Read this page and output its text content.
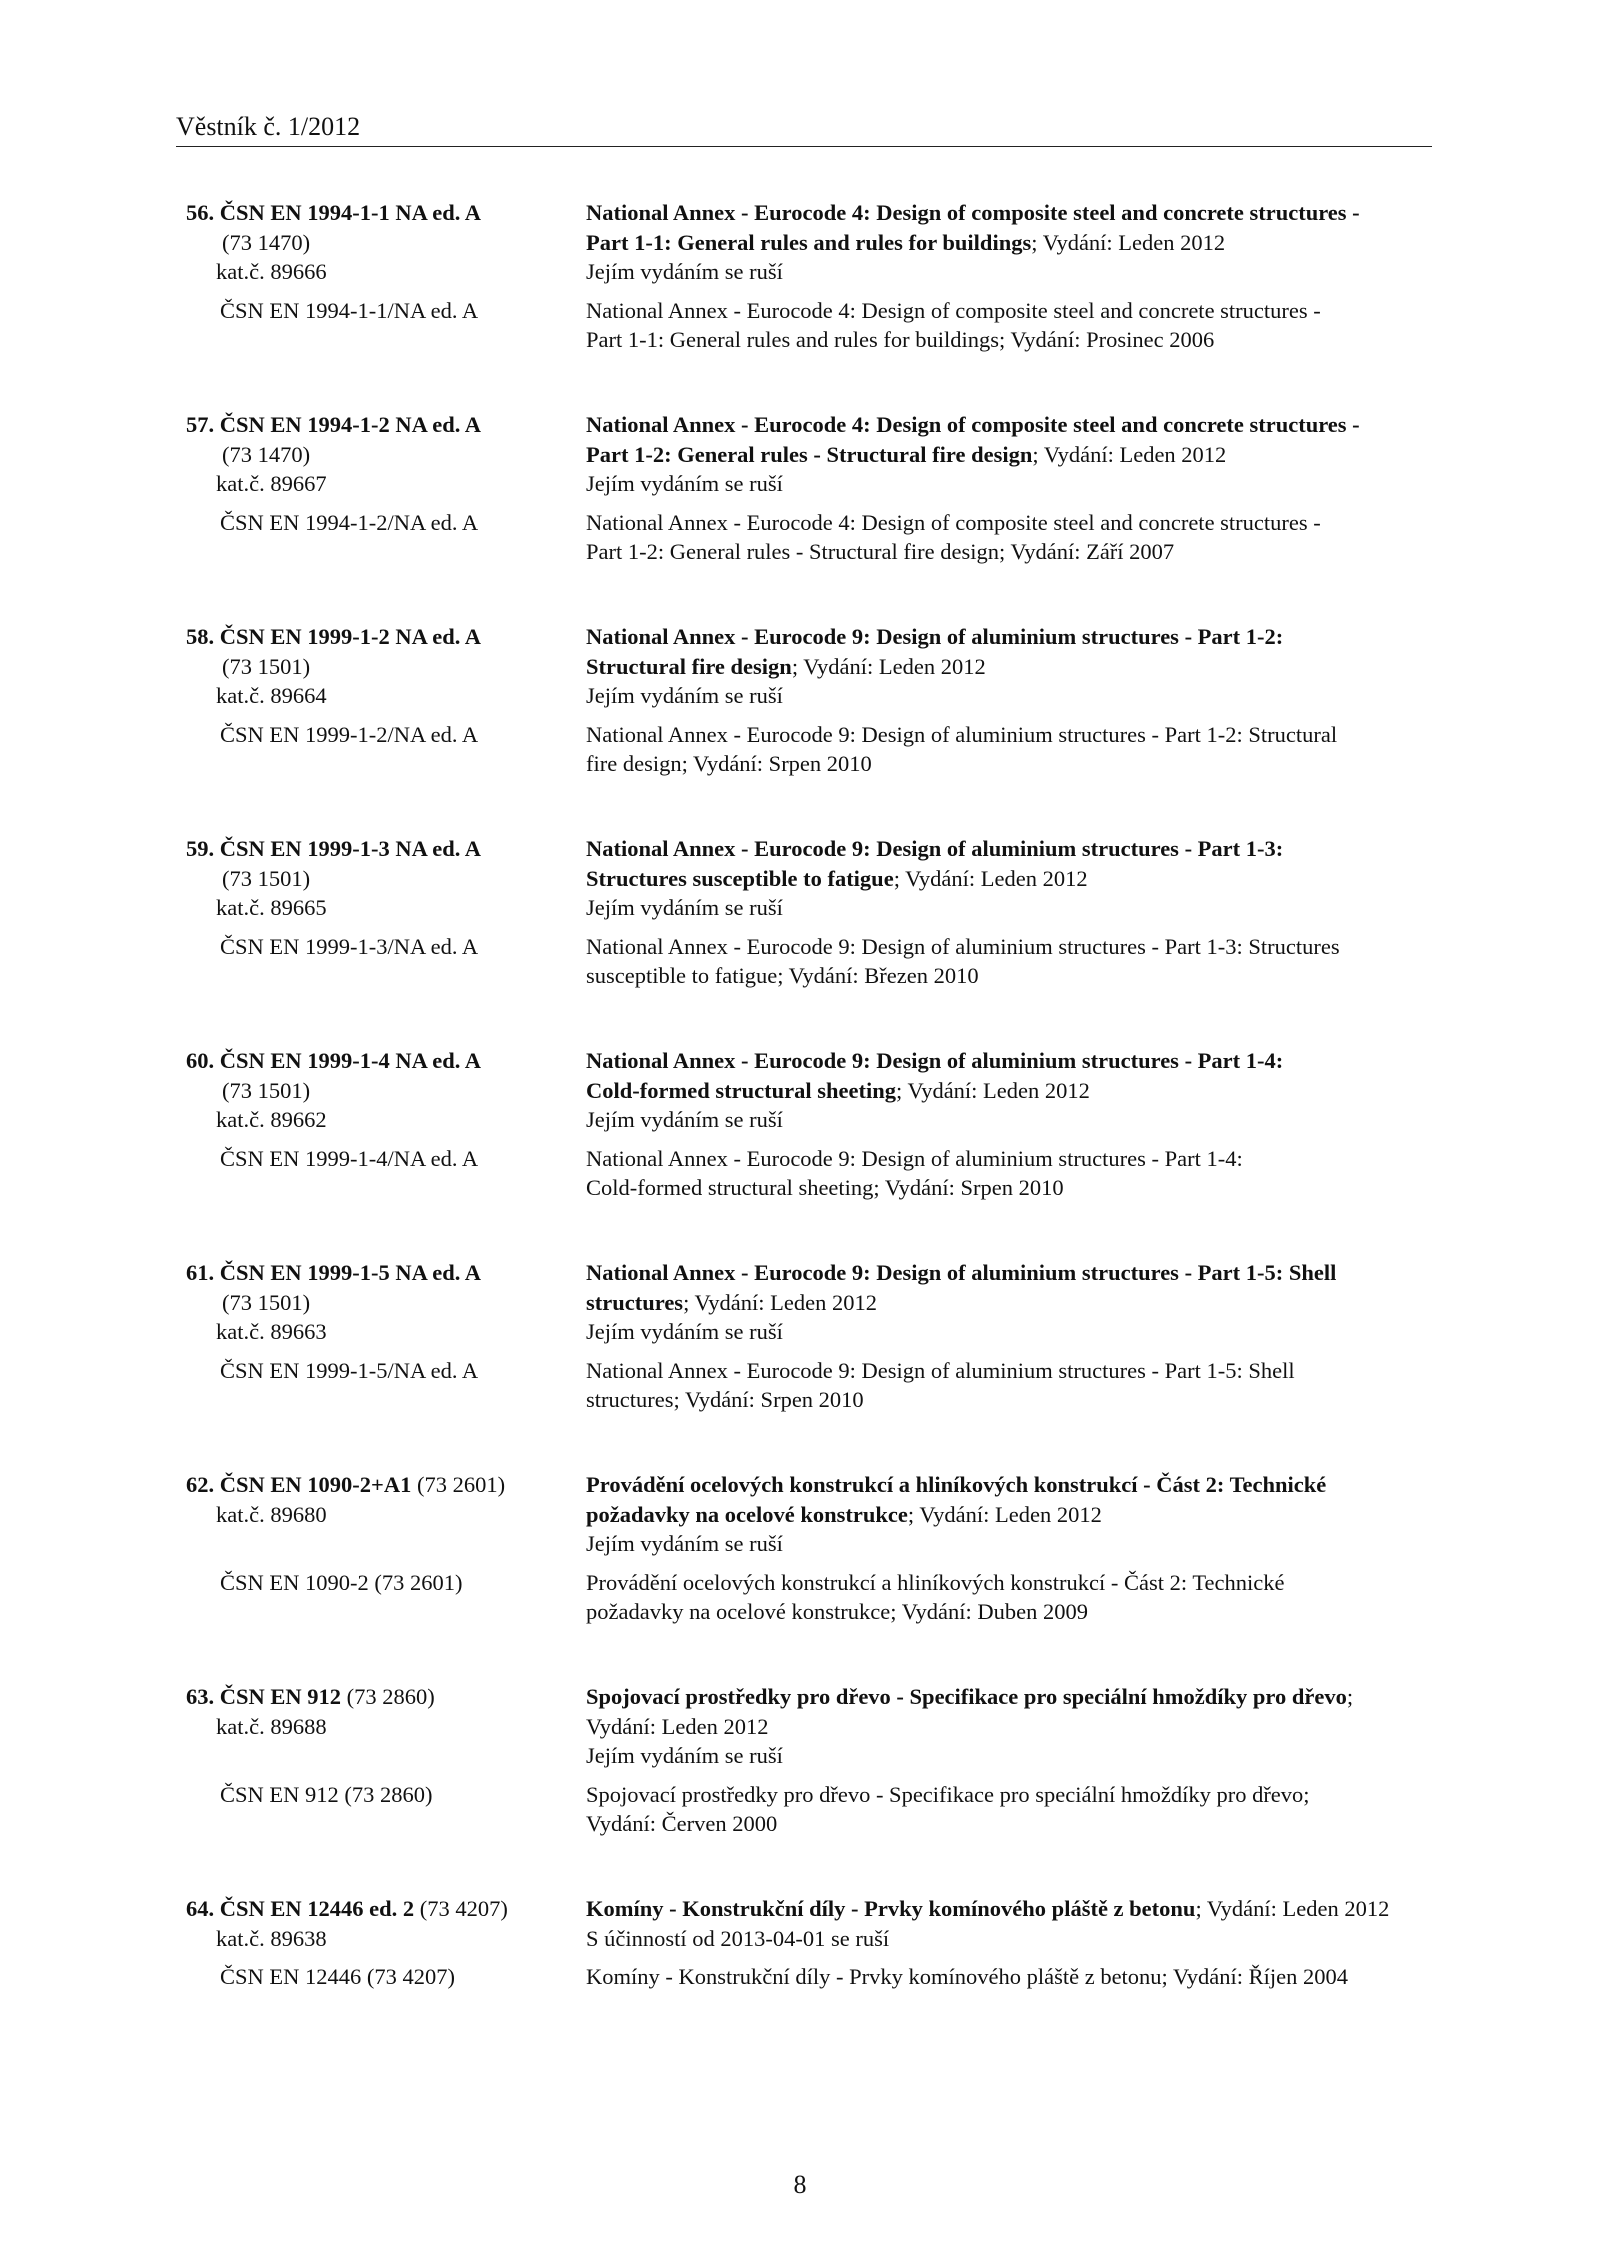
Věstník č. 1/2012
56. ČSN EN 1994-1-1 NA ed. A
(73 1470)
kat.č. 89666
ČSN EN 1994-1-1/NA ed. A
National Annex - Eurocode 4: Design of composite steel and concrete structures -
Part 1-1: General rules and rules for buildings; Vydání: Leden 2012
Jejím vydáním se ruší
National Annex - Eurocode 4: Design of composite steel and concrete structures -
Part 1-1: General rules and rules for buildings; Vydání: Prosinec 2006
57. ČSN EN 1994-1-2 NA ed. A
(73 1470)
kat.č. 89667
ČSN EN 1994-1-2/NA ed. A
National Annex - Eurocode 4: Design of composite steel and concrete structures -
Part 1-2: General rules - Structural fire design; Vydání: Leden 2012
Jejím vydáním se ruší
National Annex - Eurocode 4: Design of composite steel and concrete structures -
Part 1-2: General rules - Structural fire design; Vydání: Září 2007
58. ČSN EN 1999-1-2 NA ed. A
(73 1501)
kat.č. 89664
ČSN EN 1999-1-2/NA ed. A
National Annex - Eurocode 9: Design of aluminium structures - Part 1-2:
Structural fire design; Vydání: Leden 2012
Jejím vydáním se ruší
National Annex - Eurocode 9: Design of aluminium structures - Part 1-2: Structural
fire design; Vydání: Srpen 2010
59. ČSN EN 1999-1-3 NA ed. A
(73 1501)
kat.č. 89665
ČSN EN 1999-1-3/NA ed. A
National Annex - Eurocode 9: Design of aluminium structures - Part 1-3:
Structures susceptible to fatigue; Vydání: Leden 2012
Jejím vydáním se ruší
National Annex - Eurocode 9: Design of aluminium structures - Part 1-3: Structures
susceptible to fatigue; Vydání: Březen 2010
60. ČSN EN 1999-1-4 NA ed. A
(73 1501)
kat.č. 89662
ČSN EN 1999-1-4/NA ed. A
National Annex - Eurocode 9: Design of aluminium structures - Part 1-4:
Cold-formed structural sheeting; Vydání: Leden 2012
Jejím vydáním se ruší
National Annex - Eurocode 9: Design of aluminium structures - Part 1-4:
Cold-formed structural sheeting; Vydání: Srpen 2010
61. ČSN EN 1999-1-5 NA ed. A
(73 1501)
kat.č. 89663
ČSN EN 1999-1-5/NA ed. A
National Annex - Eurocode 9: Design of aluminium structures - Part 1-5: Shell
structures; Vydání: Leden 2012
Jejím vydáním se ruší
National Annex - Eurocode 9: Design of aluminium structures - Part 1-5: Shell
structures; Vydání: Srpen 2010
62. ČSN EN 1090-2+A1 (73 2601)
kat.č. 89680

ČSN EN 1090-2 (73 2601)
Provádění ocelových konstrukcí a hliníkových konstrukcí - Část 2: Technické
požadavky na ocelové konstrukce; Vydání: Leden 2012
Jejím vydáním se ruší
Provádění ocelových konstrukcí a hliníkových konstrukcí - Část 2: Technické
požadavky na ocelové konstrukce; Vydání: Duben 2009
63. ČSN EN 912 (73 2860)
kat.č. 89688

ČSN EN 912 (73 2860)
Spojovací prostředky pro dřevo - Specifikace pro speciální hmoždíky pro dřevo;
Vydání: Leden 2012
Jejím vydáním se ruší
Spojovací prostředky pro dřevo - Specifikace pro speciální hmoždíky pro dřevo;
Vydání: Červen 2000
64. ČSN EN 12446 ed. 2 (73 4207)
kat.č. 89638
ČSN EN 12446 (73 4207)
Komíny - Konstrukční díly - Prvky komínového pláště z betonu; Vydání: Leden 2012
S účinností od 2013-04-01 se ruší
Komíny - Konstrukční díly - Prvky komínového pláště z betonu; Vydání: Říjen 2004
8
